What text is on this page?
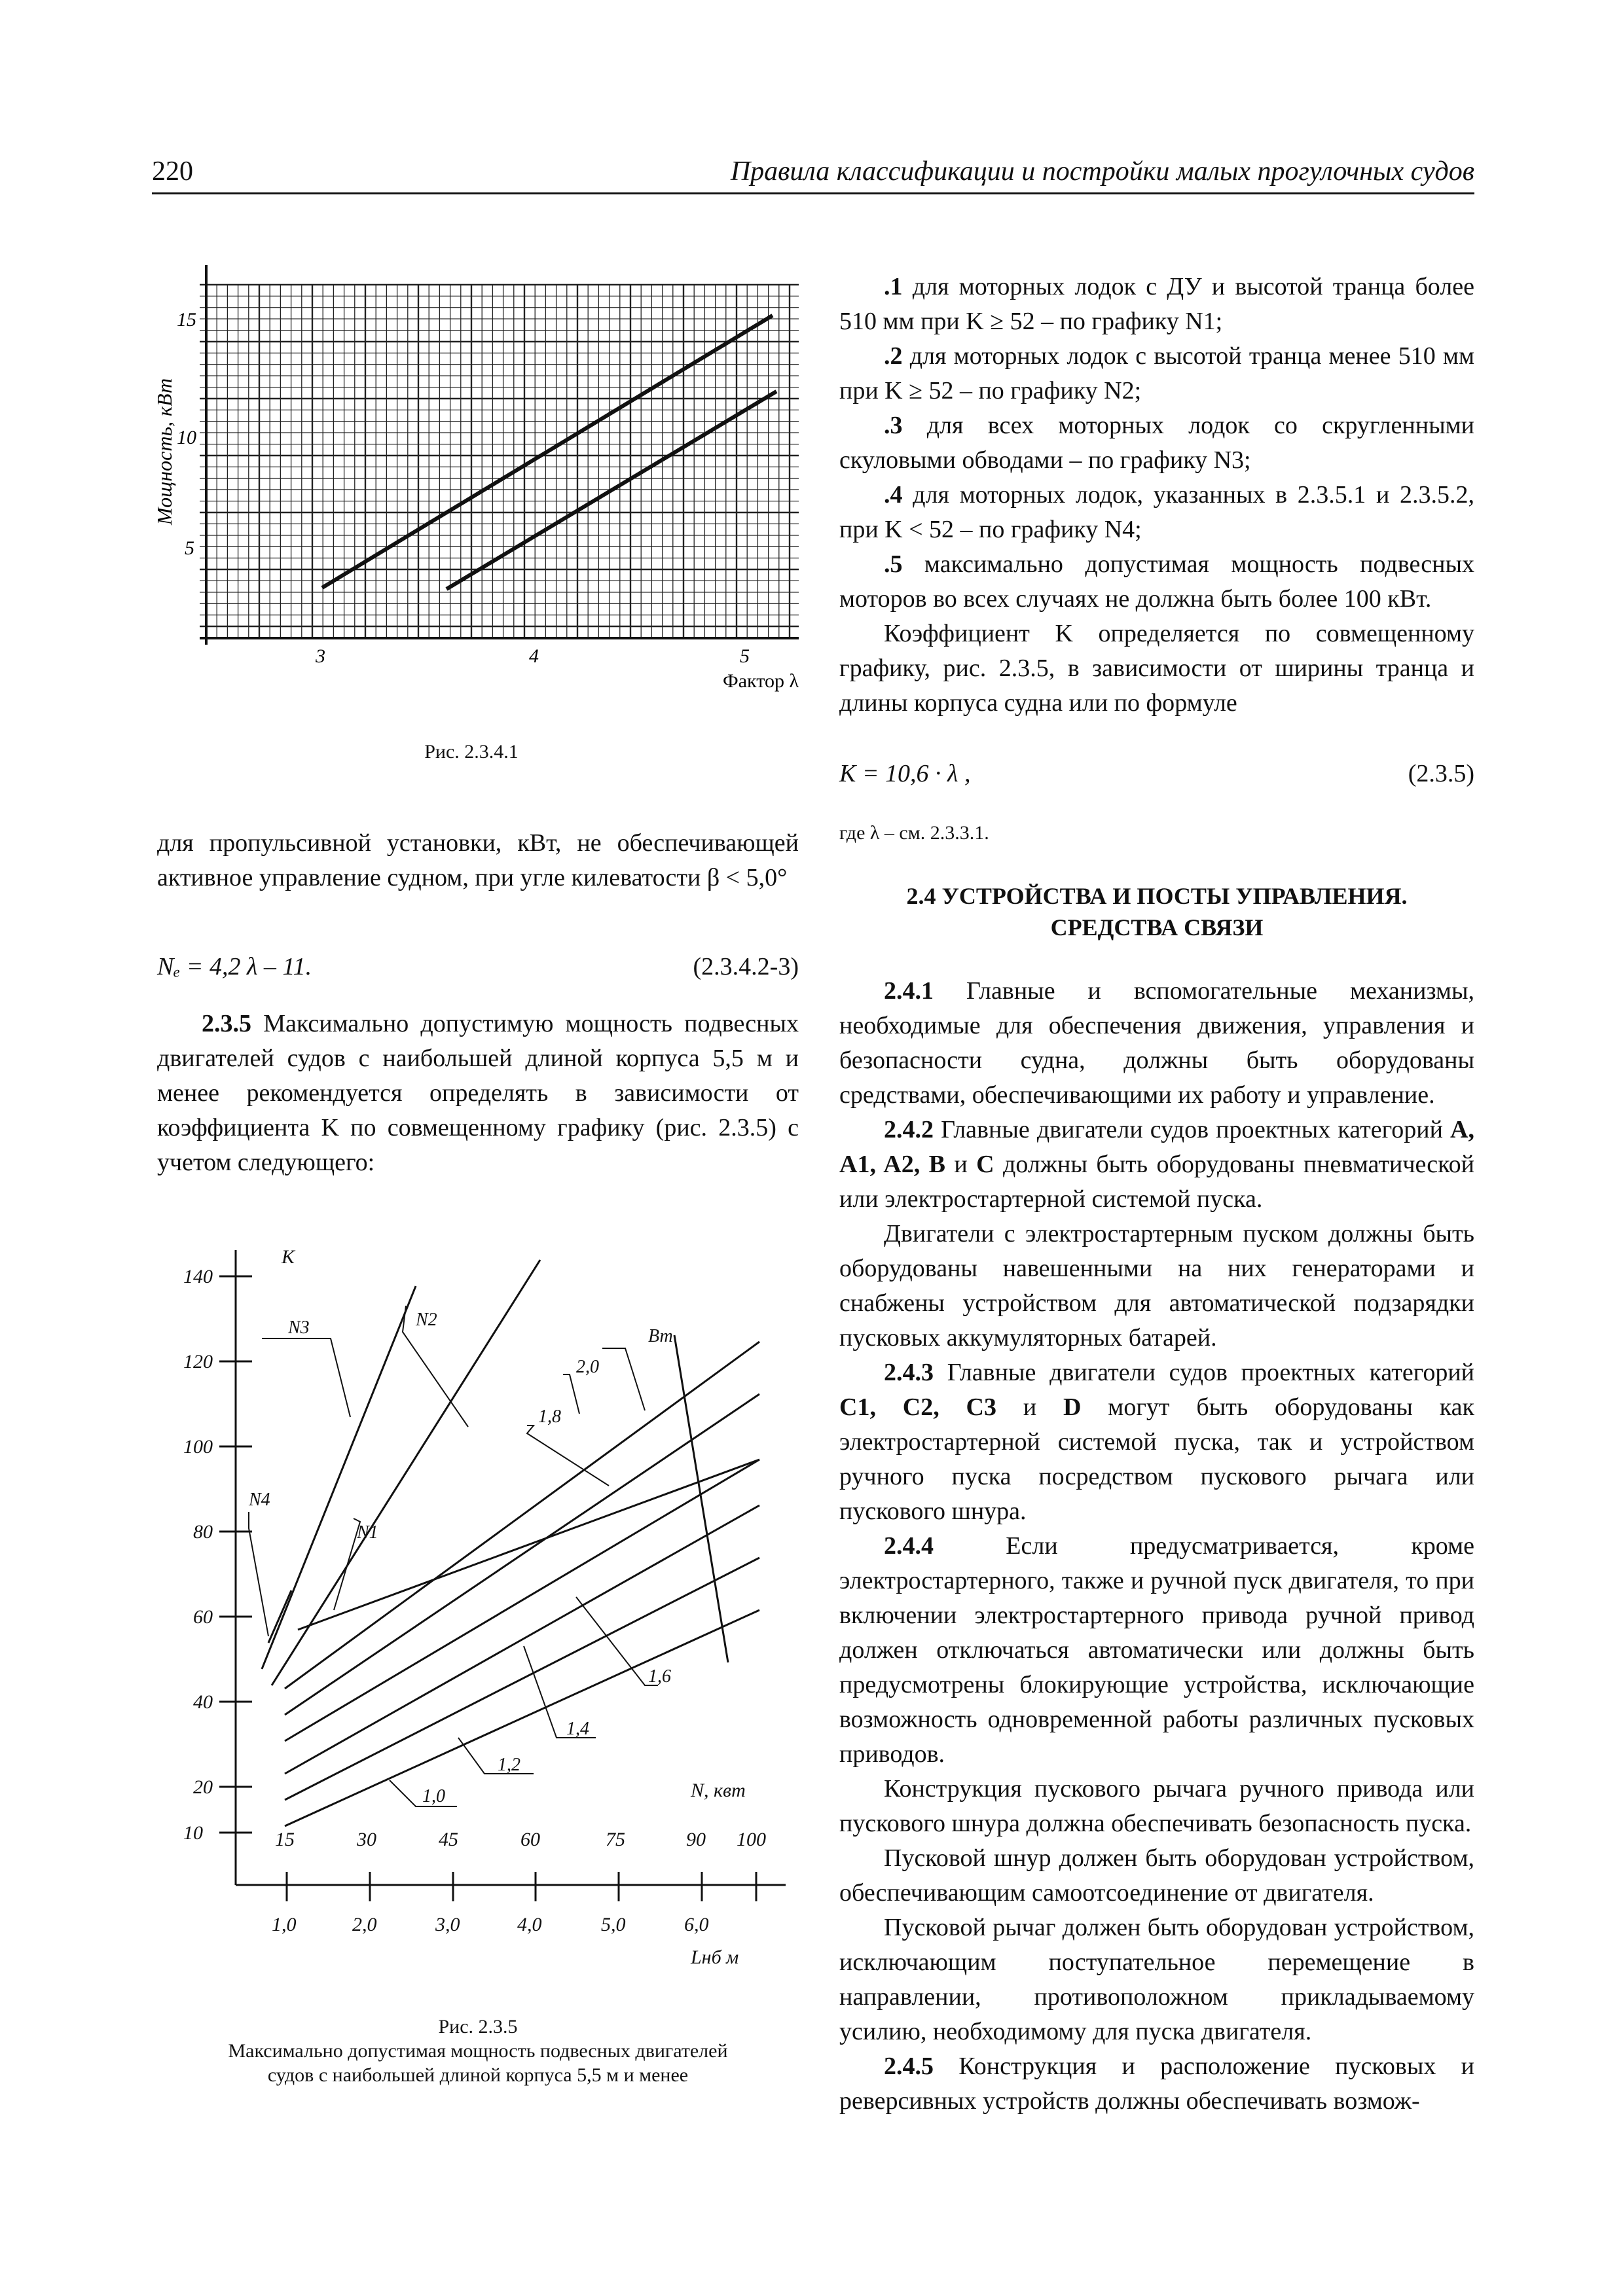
220	Правила классификации и постройки малых прогулочных судов
Мощность, кВт
15
10
5
3	4	5
Фактор λ
Рис. 2.3.4.1

для пропульсивной установки, кВт, не обеспечивающей активное управление судном, при угле килеватости β < 5,0°

Nₑ = 4,2 λ – 11.	(2.3.4.2-3)

2.3.5 Максимально допустимую мощность подвесных двигателей судов с наибольшей длиной корпуса 5,5 м и менее рекомендуется определять в зависимости от коэффициента K по совмещенному графику (рис. 2.3.5) с учетом следующего:

K
140
120
100
80
60
40
20
10	15	30	45	60	75	90 100
N, квт
1,0	2,0	3,0	4,0	5,0	6,0
Lнб м
N3	N2
N4
N1
Вт
2,0
1,8
1,6
1,4
1,2
1,0
Рис. 2.3.5
Максимально допустимая мощность подвесных двигателей
судов с наибольшей длиной корпуса 5,5 м и менее

.1 для моторных лодок с ДУ и высотой транца более 510 мм при K ≥ 52 – по графику N1;

.2 для моторных лодок с высотой транца менее 510 мм при K ≥ 52 – по графику N2;

.3 для всех моторных лодок со скругленными скуловыми обводами – по графику N3;

.4 для моторных лодок, указанных в 2.3.5.1 и 2.3.5.2, при K < 52 – по графику N4;

.5 максимально допустимая мощность подвесных моторов во всех случаях не должна быть более 100 кВт.

Коэффициент K определяется по совмещенному графику, рис. 2.3.5, в зависимости от ширины транца и длины корпуса судна или по формуле

K = 10,6 · λ ,	(2.3.5)
где λ – см. 2.3.3.1.
2.4 УСТРОЙСТВА И ПОСТЫ УПРАВЛЕНИЯ.
СРЕДСТВА СВЯЗИ

2.4.1 Главные и вспомогательные механизмы, необходимые для обеспечения движения, управления и безопасности судна, должны быть оборудованы средствами, обеспечивающими их работу и управление.

2.4.2 Главные двигатели судов проектных категорий A, A1, A2, B и C должны быть оборудованы пневматической или электростартерной системой пуска.

Двигатели с электростартерным пуском должны быть оборудованы навешенными на них генераторами и снабжены устройством для автоматической подзарядки пусковых аккумуляторных батарей.

2.4.3 Главные двигатели судов проектных категорий C1, C2, C3 и D могут быть оборудованы как электростартерной системой пуска, так и устройством ручного пуска посредством пускового рычага или пускового шнура.

2.4.4 Если предусматривается, кроме электростартерного, также и ручной пуск двигателя, то при включении электростартерного привода ручной привод должен отключаться автоматически или должны быть предусмотрены блокирующие устройства, исключающие возможность одновременной работы различных пусковых приводов.

Конструкция пускового рычага ручного привода или пускового шнура должна обеспечивать безопасность пуска.

Пусковой шнур должен быть оборудован устройством, обеспечивающим самоотсоединение от двигателя.

Пусковой рычаг должен быть оборудован устройством, исключающим поступательное перемещение в направлении, противоположном прикладываемому усилию, необходимому для пуска двигателя.

2.4.5 Конструкция и расположение пусковых и реверсивных устройств должны обеспечивать возмож-
